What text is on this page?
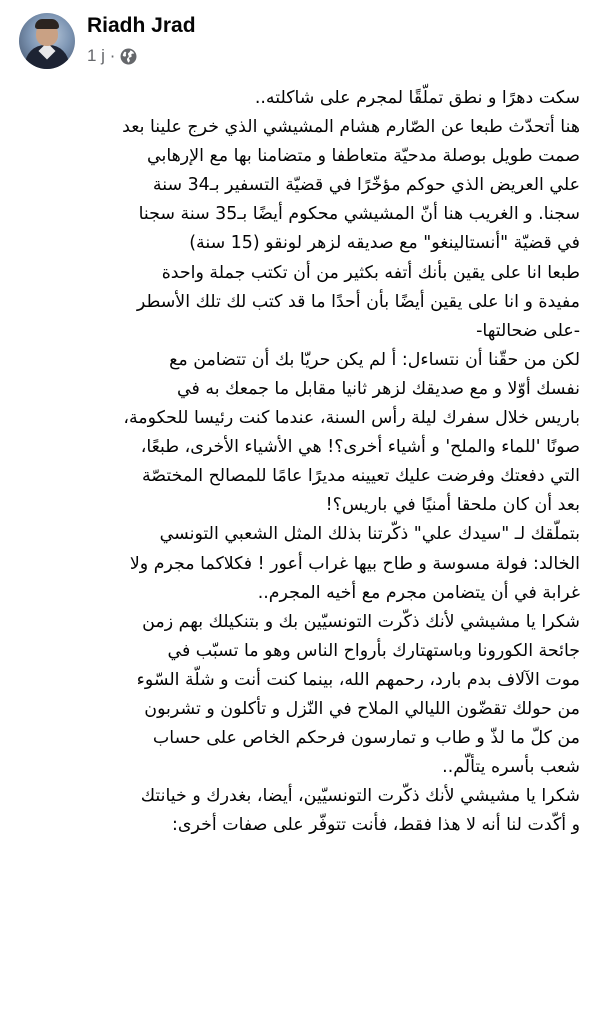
Riadh Jrad
1 j ·
سكت دهرًا و نطق تملّقًا لمجرم على شاكلته..
هنا أتحدّث طبعا عن الصّارم هشام المشيشي الذي خرج علينا بعد
صمت طويل بوصلة مدحيّة متعاطفا و متضامنا بها مع الإرهابي
علي العريض الذي حوكم مؤخّرًا في قضيّة التسفير بـ34 سنة
سجنا. و الغريب هنا أنّ المشيشي محكوم أيضًا بـ35 سنة سجنا
في قضيّة "أنستالينغو" مع صديقه لزهر لونقو (15 سنة)
طبعا انا على يقين بأنك أتفه بكثير من أن تكتب جملة واحدة
مفيدة و انا على يقين أيضًا بأن أحدًا ما قد كتب لك تلك الأسطر
-على ضحالتها-
لكن من حقّنا أن نتساءل: أ لم يكن حريّا بك أن تتضامن مع
نفسك أوّلا و مع صديقك لزهر ثانيا مقابل ما جمعك به في
باريس خلال سفرك ليلة رأس السنة، عندما كنت رئيسا للحكومة،
صونًا 'للماء والملح' و أشياء أخرى؟! هي الأشياء الأخرى، طبعًا،
التي دفعتك وفرضت عليك تعيينه مديرًا عامًا للمصالح المختصّة
بعد أن كان ملحقا أمنيًا في باريس؟!
بتملّقك لـ "سيدك علي" ذكّرتنا بذلك المثل الشعبي التونسي
الخالد: فولة مسوسة و طاح بيها غراب أعور ! فكلاكما مجرم ولا
غرابة في أن يتضامن مجرم مع أخيه المجرم..
شكرا يا مشيشي لأنك ذكّرت التونسيّين بك و بتنكيلك بهم زمن
جائحة الكورونا وباستهتارك بأرواح الناس وهو ما تسبّب في
موت الآلاف بدم بارد، رحمهم الله، بينما كنت أنت و شلّة السّوء
من حولك تقضّون الليالي الملاح في النّزل و تأكلون و تشربون
من كلّ ما لذّ و طاب و تمارسون فرحكم الخاص على حساب
شعب بأسره يتألّم..
شكرا يا مشيشي لأنك ذكّرت التونسيّين، أيضا، بغدرك و خيانتك
و أكّدت لنا أنه لا هذا فقط، فأنت تتوفّر على صفات أخرى:
